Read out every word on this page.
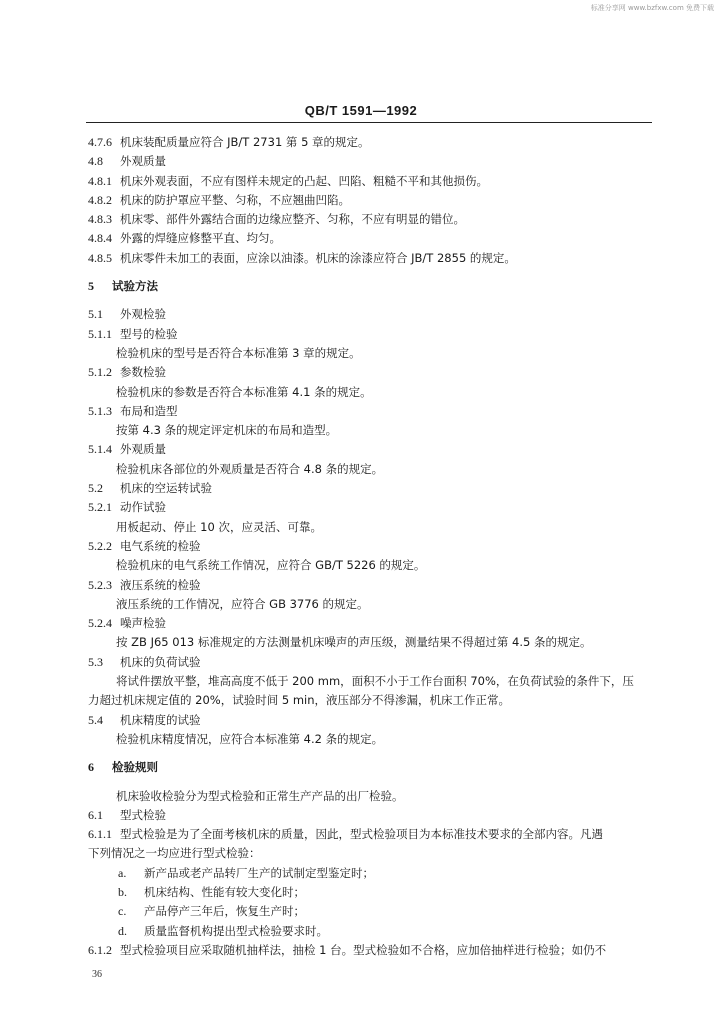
标准分享网 www.bzfxw.com 免费下载
QB/T 1591—1992
4.7.6 机床装配质量应符合 JB/T 2731 第 5 章的规定。
4.8 外观质量
4.8.1 机床外观表面，不应有图样未规定的凸起、凹陷、粗糙不平和其他损伤。
4.8.2 机床的防护罩应平整、匀称，不应翘曲凹陷。
4.8.3 机床零、部件外露结合面的边缘应整齐、匀称，不应有明显的错位。
4.8.4 外露的焊缝应修整平直、均匀。
4.8.5 机床零件未加工的表面，应涂以油漆。机床的涂漆应符合 JB/T 2855 的规定。
5 试验方法
5.1 外观检验
5.1.1 型号的检验
检验机床的型号是否符合本标准第 3 章的规定。
5.1.2 参数检验
检验机床的参数是否符合本标准第 4.1 条的规定。
5.1.3 布局和造型
按第 4.3 条的规定评定机床的布局和造型。
5.1.4 外观质量
检验机床各部位的外观质量是否符合 4.8 条的规定。
5.2 机床的空运转试验
5.2.1 动作试验
用板起动、停止 10 次，应灵活、可靠。
5.2.2 电气系统的检验
检验机床的电气系统工作情况，应符合 GB/T 5226 的规定。
5.2.3 液压系统的检验
液压系统的工作情况，应符合 GB 3776 的规定。
5.2.4 噪声检验
按 ZB J65 013 标准规定的方法测量机床噪声的声压级，测量结果不得超过第 4.5 条的规定。
5.3 机床的负荷试验
将试件摆放平整，堆高高度不低于 200 mm，面积不小于工作台面积 70%，在负荷试验的条件下，压
力超过机床规定值的 20%，试验时间 5 min，液压部分不得渗漏，机床工作正常。
5.4 机床精度的试验
检验机床精度情况，应符合本标准第 4.2 条的规定。
6 检验规则
机床验收检验分为型式检验和正常生产产品的出厂检验。
6.1 型式检验
6.1.1 型式检验是为了全面考核机床的质量，因此，型式检验项目为本标准技术要求的全部内容。凡遇
下列情况之一均应进行型式检验：
a. 新产品或老产品转厂生产的试制定型鉴定时；
b. 机床结构、性能有较大变化时；
c. 产品停产三年后，恢复生产时；
d. 质量监督机构提出型式检验要求时。
6.1.2 型式检验项目应采取随机抽样法，抽检 1 台。型式检验如不合格，应加倍抽样进行检验；如仍不
36
